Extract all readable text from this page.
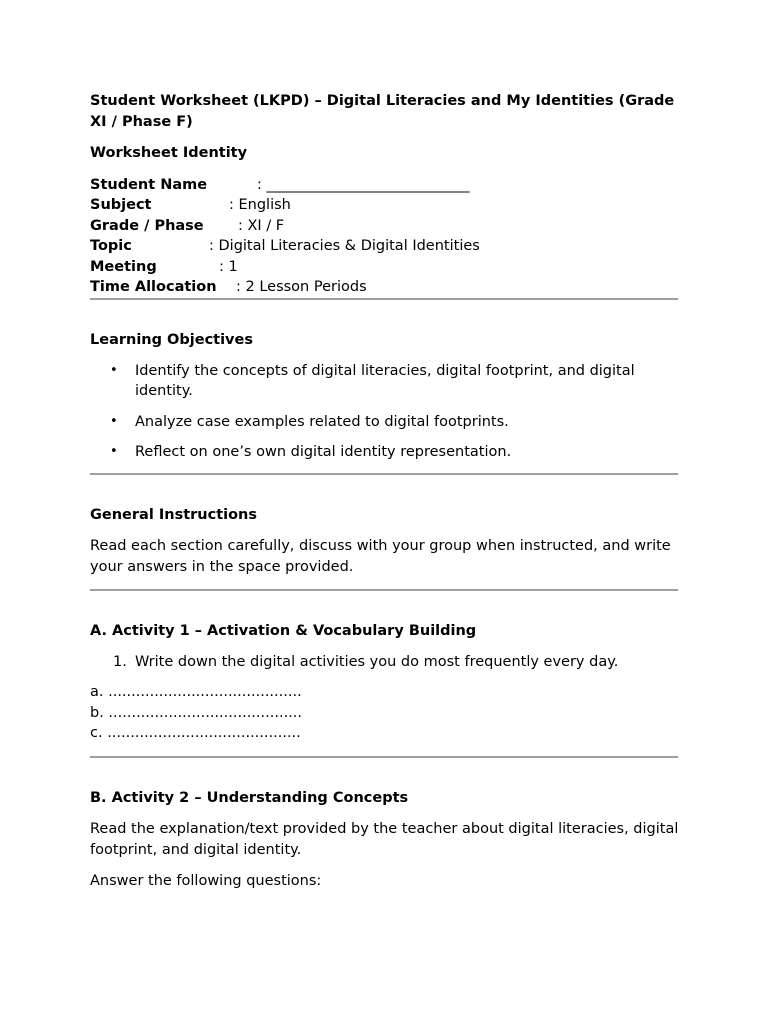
Student Worksheet (LKPD) – Digital Literacies and My Identities (Grade XI / Phase F)

Worksheet Identity

Student Name	: ____________________________
Subject	: English
Grade / Phase : XI / F
Topic	: Digital Literacies & Digital Identities
Meeting	: 1
Time Allocation : 2 Lesson Periods

Learning Objectives

• Identify the concepts of digital literacies, digital footprint, and digital identity.
• Analyze case examples related to digital footprints.
• Reflect on one’s own digital identity representation.

General Instructions

Read each section carefully, discuss with your group when instructed, and write your answers in the space provided.

A. Activity 1 – Activation & Vocabulary Building

1. Write down the digital activities you do most frequently every day.

a. ..........................................

b. ..........................................

c. ..........................................

B. Activity 2 – Understanding Concepts

Read the explanation/text provided by the teacher about digital literacies, digital footprint, and digital identity.

Answer the following questions:
